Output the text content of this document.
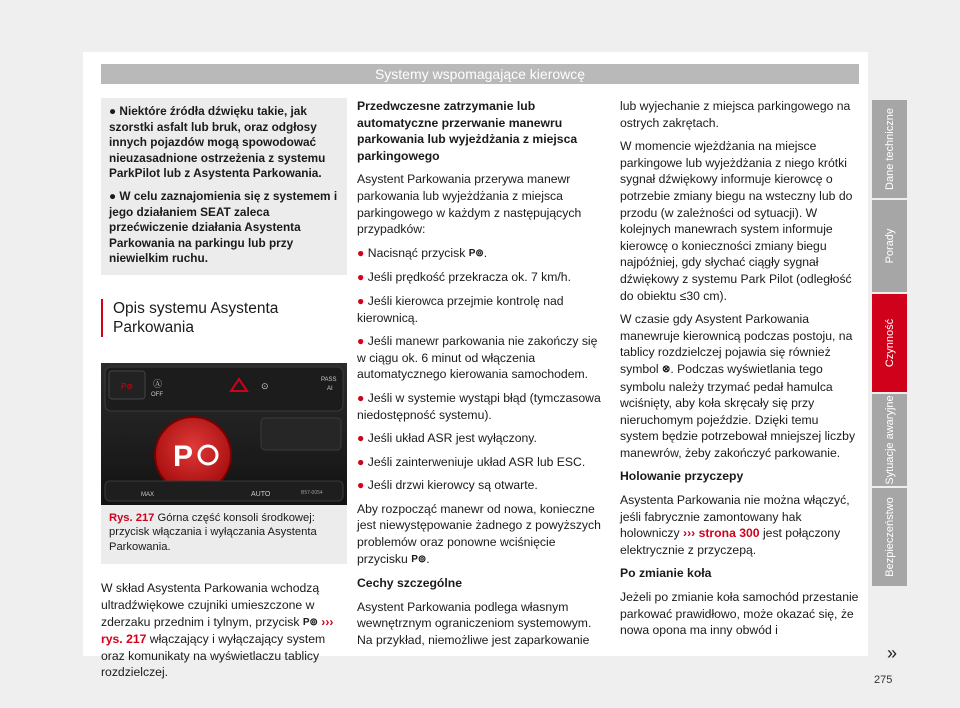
Systemy wspomagające kierowcę

● Niektóre źródła dźwięku takie, jak szorstki asfalt lub bruk, oraz odgłosy innych pojazdów mogą spowodować nieuzasadnione ostrzeżenia z systemu ParkPilot lub z Asystenta Parkowania.

● W celu zaznajomienia się z systemem i jego działaniem SEAT zaleca przećwiczenie działania Asystenta Parkowania na parkingu lub przy niewielkim ruchu.

Opis systemu Asystenta Parkowania
P⊚ Ⓐ
OFF
⊙
PASS
AI
P
MAX	AUTO	B57-0054
Rys. 217 Górna część konsoli środkowej: przycisk włączania i wyłączania Asystenta Parkowania.

W skład Asystenta Parkowania wchodzą ultradźwiękowe czujniki umieszczone w zderzaku przednim i tylnym, przycisk P⊚ ››› rys. 217 włączający i wyłączający system oraz komunikaty na wyświetlaczu tablicy rozdzielczej.

Przedwczesne zatrzymanie lub automatyczne przerwanie manewru parkowania lub wyjeżdżania z miejsca parkingowego

Asystent Parkowania przerywa manewr parkowania lub wyjeżdżania z miejsca parkingowego w każdym z następujących przypadków:

● Nacisnąć przycisk P⊚.

● Jeśli prędkość przekracza ok. 7 km/h.

● Jeśli kierowca przejmie kontrolę nad kierownicą.

● Jeśli manewr parkowania nie zakończy się w ciągu ok. 6 minut od włączenia automatycznego kierowania samochodem.

● Jeśli w systemie wystąpi błąd (tymczasowa niedostępność systemu).

● Jeśli układ ASR jest wyłączony.

● Jeśli zainterweniuje układ ASR lub ESC.

● Jeśli drzwi kierowcy są otwarte.

Aby rozpocząć manewr od nowa, konieczne jest niewystępowanie żadnego z powyższych problemów oraz ponowne wciśnięcie przycisku P⊚.

Cechy szczególne

Asystent Parkowania podlega własnym wewnętrznym ograniczeniom systemowym. Na przykład, niemożliwe jest zaparkowanie

lub wyjechanie z miejsca parkingowego na ostrych zakrętach.

W momencie wjeżdżania na miejsce parkingowe lub wyjeżdżania z niego krótki sygnał dźwiękowy informuje kierowcę o potrzebie zmiany biegu na wsteczny lub do przodu (w zależności od sytuacji). W kolejnych manewrach system informuje kierowcę o konieczności zmiany biegu najpóźniej, gdy słychać ciągły sygnał dźwiękowy z systemu Park Pilot (odległość do obiektu ≤30 cm).

W czasie gdy Asystent Parkowania manewruje kierownicą podczas postoju, na tablicy rozdzielczej pojawia się również symbol ⊗. Podczas wyświetlania tego symbolu należy trzymać pedał hamulca wciśnięty, aby koła skręcały się przy nieruchomym pojeździe. Dzięki temu system będzie potrzebował mniejszej liczby manewrów, żeby zakończyć parkowanie.

Holowanie przyczepy

Asystenta Parkowania nie można włączyć, jeśli fabrycznie zamontowany hak holowniczy ››› strona 300 jest połączony elektrycznie z przyczepą.

Po zmianie koła

Jeżeli po zmianie koła samochód przestanie parkować prawidłowo, może okazać się, że nowa opona ma inny obwód i

Dane techniczne
Porady
Czynność
Sytuacje awaryjne
Bezpieczeństwo
»
275
